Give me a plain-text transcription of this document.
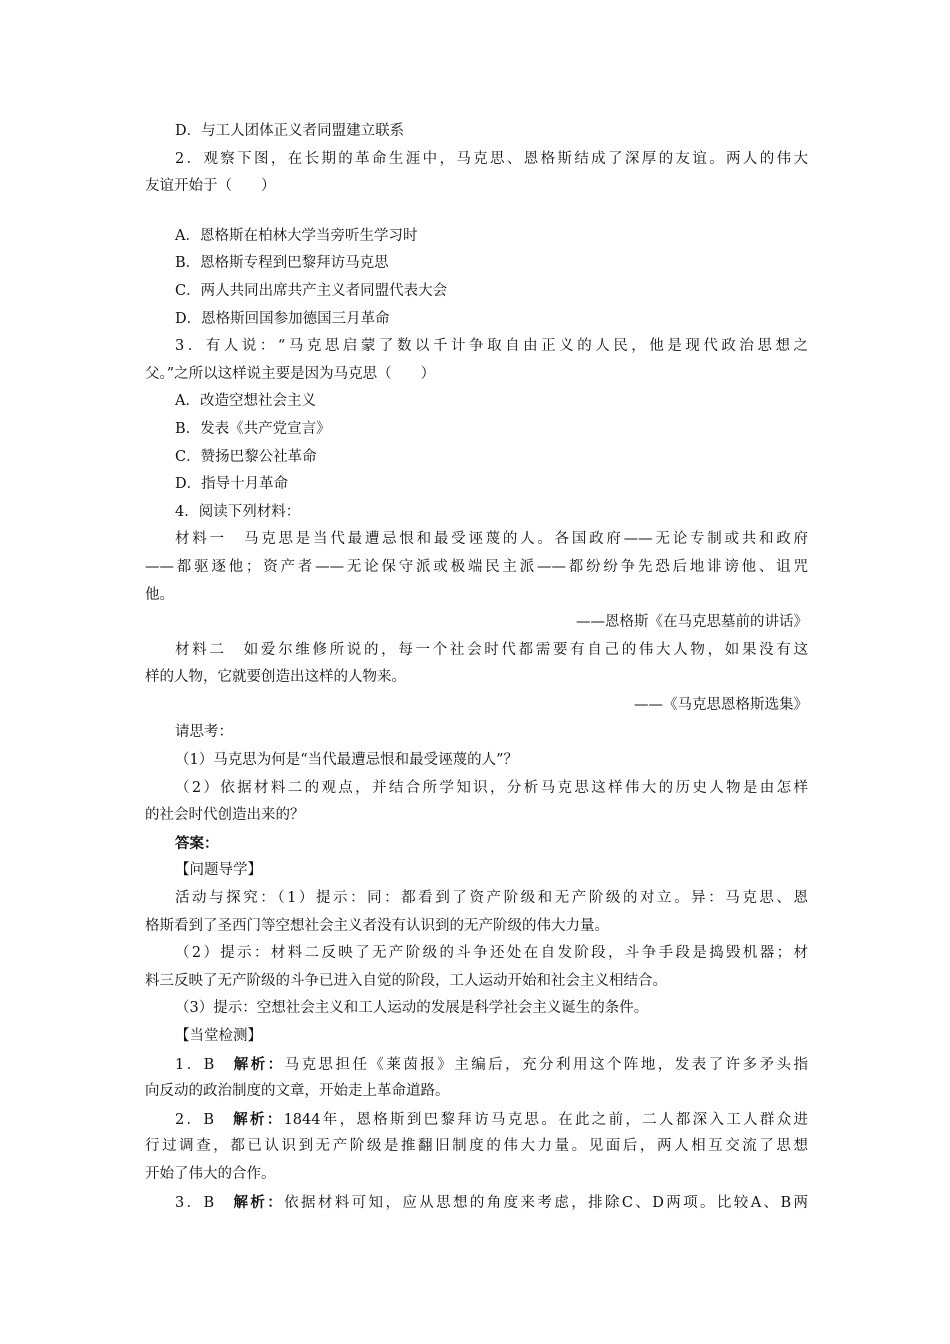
D．与工人团体正义者同盟建立联系
2．观察下图，在长期的革命生涯中，马克思、恩格斯结成了深厚的友谊。两人的伟大
友谊开始于（　　）
A．恩格斯在柏林大学当旁听生学习时
B．恩格斯专程到巴黎拜访马克思
C．两人共同出席共产主义者同盟代表大会
D．恩格斯回国参加德国三月革命
3．有人说：“马克思启蒙了数以千计争取自由正义的人民，他是现代政治思想之
父。”之所以这样说主要是因为马克思（　　）
A．改造空想社会主义
B．发表《共产党宣言》
C．赞扬巴黎公社革命
D．指导十月革命
4．阅读下列材料：
材料一　马克思是当代最遭忌恨和最受诬蔑的人。各国政府——无论专制或共和政府
——都驱逐他；资产者——无论保守派或极端民主派——都纷纷争先恐后地诽谤他、诅咒
他。
——恩格斯《在马克思墓前的讲话》
材料二　如爱尔维修所说的，每一个社会时代都需要有自己的伟大人物，如果没有这
样的人物，它就要创造出这样的人物来。
——《马克思恩格斯选集》
请思考：
（1）马克思为何是“当代最遭忌恨和最受诬蔑的人”？
（2）依据材料二的观点，并结合所学知识，分析马克思这样伟大的历史人物是由怎样
的社会时代创造出来的？
答案：
【问题导学】
活动与探究：（1）提示：同：都看到了资产阶级和无产阶级的对立。异：马克思、恩
格斯看到了圣西门等空想社会主义者没有认识到的无产阶级的伟大力量。
（2）提示：材料二反映了无产阶级的斗争还处在自发阶段，斗争手段是捣毁机器；材
料三反映了无产阶级的斗争已进入自觉的阶段，工人运动开始和社会主义相结合。
（3）提示：空想社会主义和工人运动的发展是科学社会主义诞生的条件。
【当堂检测】
1．B　解析：马克思担任《莱茵报》主编后，充分利用这个阵地，发表了许多矛头指
向反动的政治制度的文章，开始走上革命道路。
2．B　解析：1844年，恩格斯到巴黎拜访马克思。在此之前，二人都深入工人群众进
行过调查，都已认识到无产阶级是推翻旧制度的伟大力量。见面后，两人相互交流了思想
开始了伟大的合作。
3．B　解析：依据材料可知，应从思想的角度来考虑，排除C、D两项。比较A、B两
